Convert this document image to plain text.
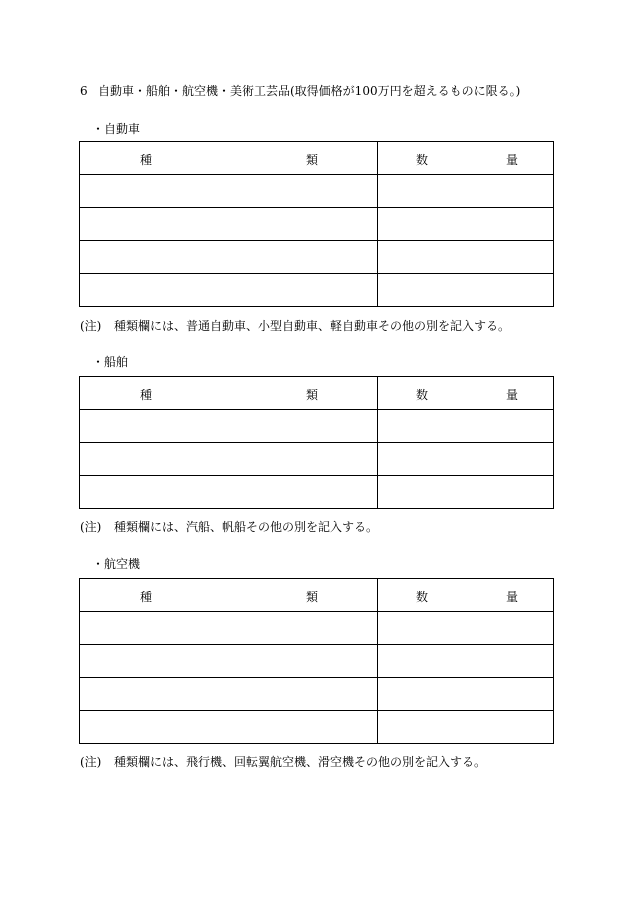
6 自動車・船舶・航空機・美術工芸品(取得価格が100万円を超えるものに限る。)
・自動車
種 類	数 量

(注) 種類欄には、普通自動車、小型自動車、軽自動車その他の別を記入する。
・船舶
種 類	数 量

(注) 種類欄には、汽船、帆船その他の別を記入する。
・航空機
種 類	数 量

(注) 種類欄には、飛行機、回転翼航空機、滑空機その他の別を記入する。
